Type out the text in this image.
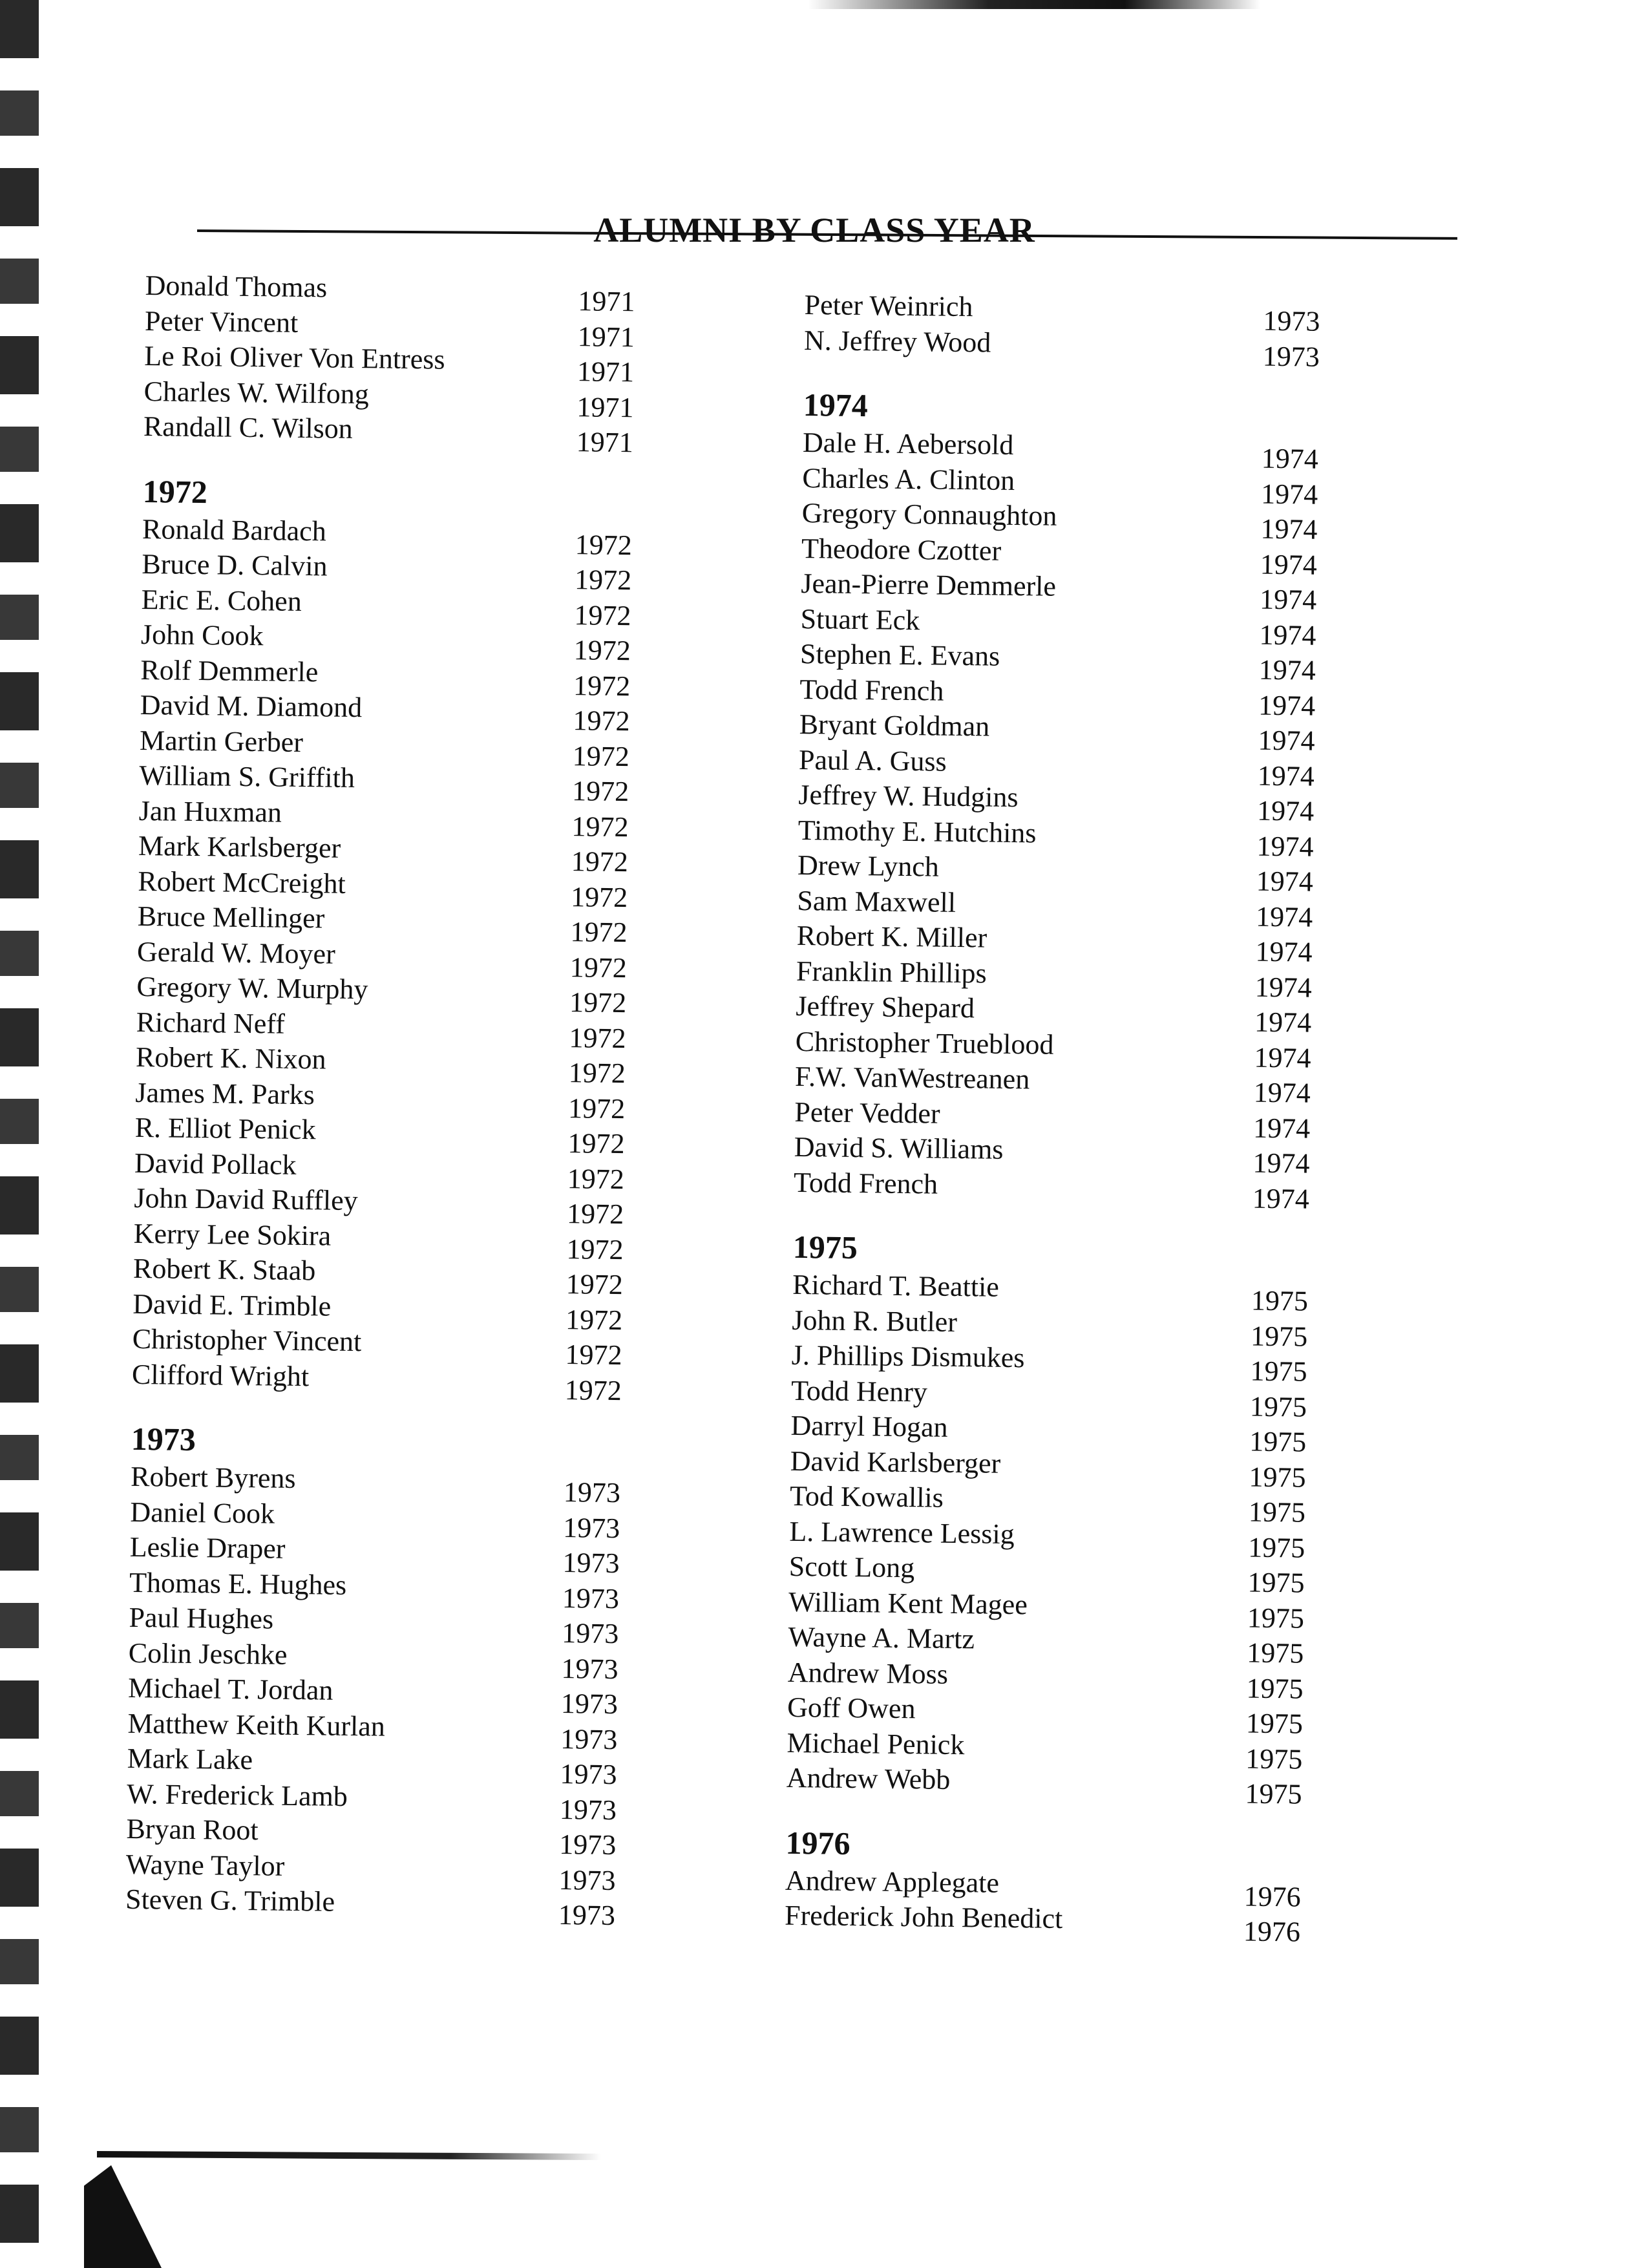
ALUMNI BY CLASS YEAR
Donald Thomas	1971
Peter Vincent	1971
Le Roi Oliver Von Entress	1971
Charles W. Wilfong	1971
Randall C. Wilson	1971
1972
Ronald Bardach	1972
Bruce D. Calvin	1972
Eric E. Cohen	1972
John Cook	1972
Rolf Demmerle	1972
David M. Diamond	1972
Martin Gerber	1972
William S. Griffith	1972
Jan Huxman	1972
Mark Karlsberger	1972
Robert McCreight	1972
Bruce Mellinger	1972
Gerald W. Moyer	1972
Gregory W. Murphy	1972
Richard Neff	1972
Robert K. Nixon	1972
James M. Parks	1972
R. Elliot Penick	1972
David Pollack	1972
John David Ruffley	1972
Kerry Lee Sokira	1972
Robert K. Staab	1972
David E. Trimble	1972
Christopher Vincent	1972
Clifford Wright	1972
1973
Robert Byrens	1973
Daniel Cook	1973
Leslie Draper	1973
Thomas E. Hughes	1973
Paul Hughes	1973
Colin Jeschke	1973
Michael T. Jordan	1973
Matthew Keith Kurlan	1973
Mark Lake	1973
W. Frederick Lamb	1973
Bryan Root	1973
Wayne Taylor	1973
Steven G. Trimble	1973
Peter Weinrich	1973
N. Jeffrey Wood	1973
1974
Dale H. Aebersold	1974
Charles A. Clinton	1974
Gregory Connaughton	1974
Theodore Czotter	1974
Jean-Pierre Demmerle	1974
Stuart Eck	1974
Stephen E. Evans	1974
Todd French	1974
Bryant Goldman	1974
Paul A. Guss	1974
Jeffrey W. Hudgins	1974
Timothy E. Hutchins	1974
Drew Lynch	1974
Sam Maxwell	1974
Robert K. Miller	1974
Franklin Phillips	1974
Jeffrey Shepard	1974
Christopher Trueblood	1974
F.W. VanWestreanen	1974
Peter Vedder	1974
David S. Williams	1974
Todd French	1974
1975
Richard T. Beattie	1975
John R. Butler	1975
J. Phillips Dismukes	1975
Todd Henry	1975
Darryl Hogan	1975
David Karlsberger	1975
Tod Kowallis	1975
L. Lawrence Lessig	1975
Scott Long	1975
William Kent Magee	1975
Wayne A. Martz	1975
Andrew Moss	1975
Goff Owen	1975
Michael Penick	1975
Andrew Webb	1975
1976
Andrew Applegate	1976
Frederick John Benedict	1976
